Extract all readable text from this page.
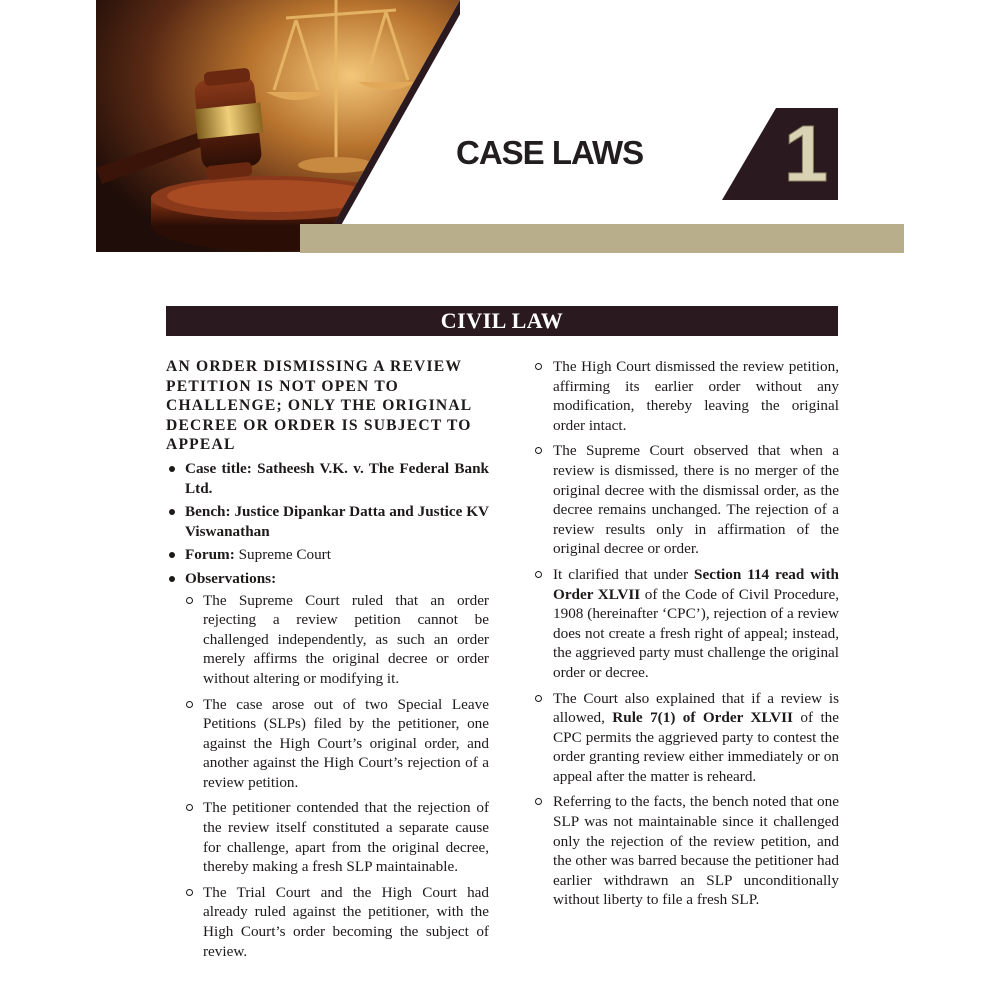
CASE LAWS 1
CIVIL LAW
AN ORDER DISMISSING A REVIEW PETITION IS NOT OPEN TO CHALLENGE; ONLY THE ORIGINAL DECREE OR ORDER IS SUBJECT TO APPEAL
Case title: Satheesh V.K. v. The Federal Bank Ltd.
Bench: Justice Dipankar Datta and Justice KV Viswanathan
Forum: Supreme Court
Observations:
The Supreme Court ruled that an order rejecting a review petition cannot be challenged independently, as such an order merely affirms the original decree or order without altering or modifying it.
The case arose out of two Special Leave Petitions (SLPs) filed by the petitioner, one against the High Court’s original order, and another against the High Court’s rejection of a review petition.
The petitioner contended that the rejection of the review itself constituted a separate cause for challenge, apart from the original decree, thereby making a fresh SLP maintainable.
The Trial Court and the High Court had already ruled against the petitioner, with the High Court’s order becoming the subject of review.
The High Court dismissed the review petition, affirming its earlier order without any modification, thereby leaving the original order intact.
The Supreme Court observed that when a review is dismissed, there is no merger of the original decree with the dismissal order, as the decree remains unchanged. The rejection of a review results only in affirmation of the original decree or order.
It clarified that under Section 114 read with Order XLVII of the Code of Civil Procedure, 1908 (hereinafter ‘CPC’), rejection of a review does not create a fresh right of appeal; instead, the aggrieved party must challenge the original order or decree.
The Court also explained that if a review is allowed, Rule 7(1) of Order XLVII of the CPC permits the aggrieved party to contest the order granting review either immediately or on appeal after the matter is reheard.
Referring to the facts, the bench noted that one SLP was not maintainable since it challenged only the rejection of the review petition, and the other was barred because the petitioner had earlier withdrawn an SLP unconditionally without liberty to file a fresh SLP.
